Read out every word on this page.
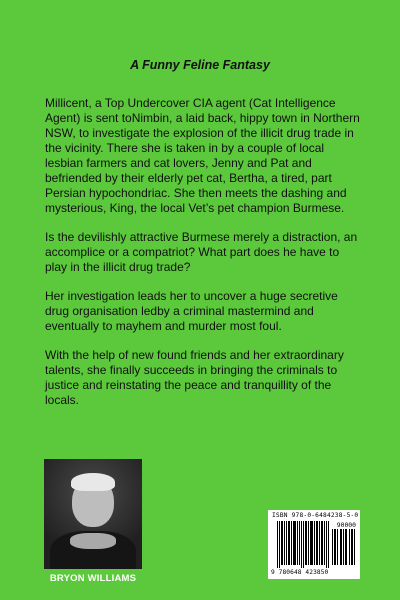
A Funny Feline Fantasy

Millicent, a Top Undercover CIA agent (Cat Intelligence Agent) is sent toNimbin, a laid back, hippy town in Northern NSW, to investigate the explosion of the illicit drug trade in the vicinity. There she is taken in by a couple of local lesbian farmers and cat lovers, Jenny and Pat and befriended by their elderly pet cat, Bertha, a tired, part Persian hypochondriac. She then meets the dashing and mysterious, King, the local Vet’s pet champion Burmese.

Is the devilishly attractive Burmese merely a distraction, an accomplice or a compatriot? What part does he have to play in the illicit drug trade?

Her investigation leads her to uncover a huge secretive drug organisation ledby a criminal mastermind and eventually to mayhem and murder most foul.

With the help of new found friends and her extraordinary talents, she finally succeeds in bringing the criminals to justice and reinstating the peace and tranquillity of the locals.

BRYON WILLIAMS
ISBN 978-0-6484238-5-0
90000
9 780648 423850
